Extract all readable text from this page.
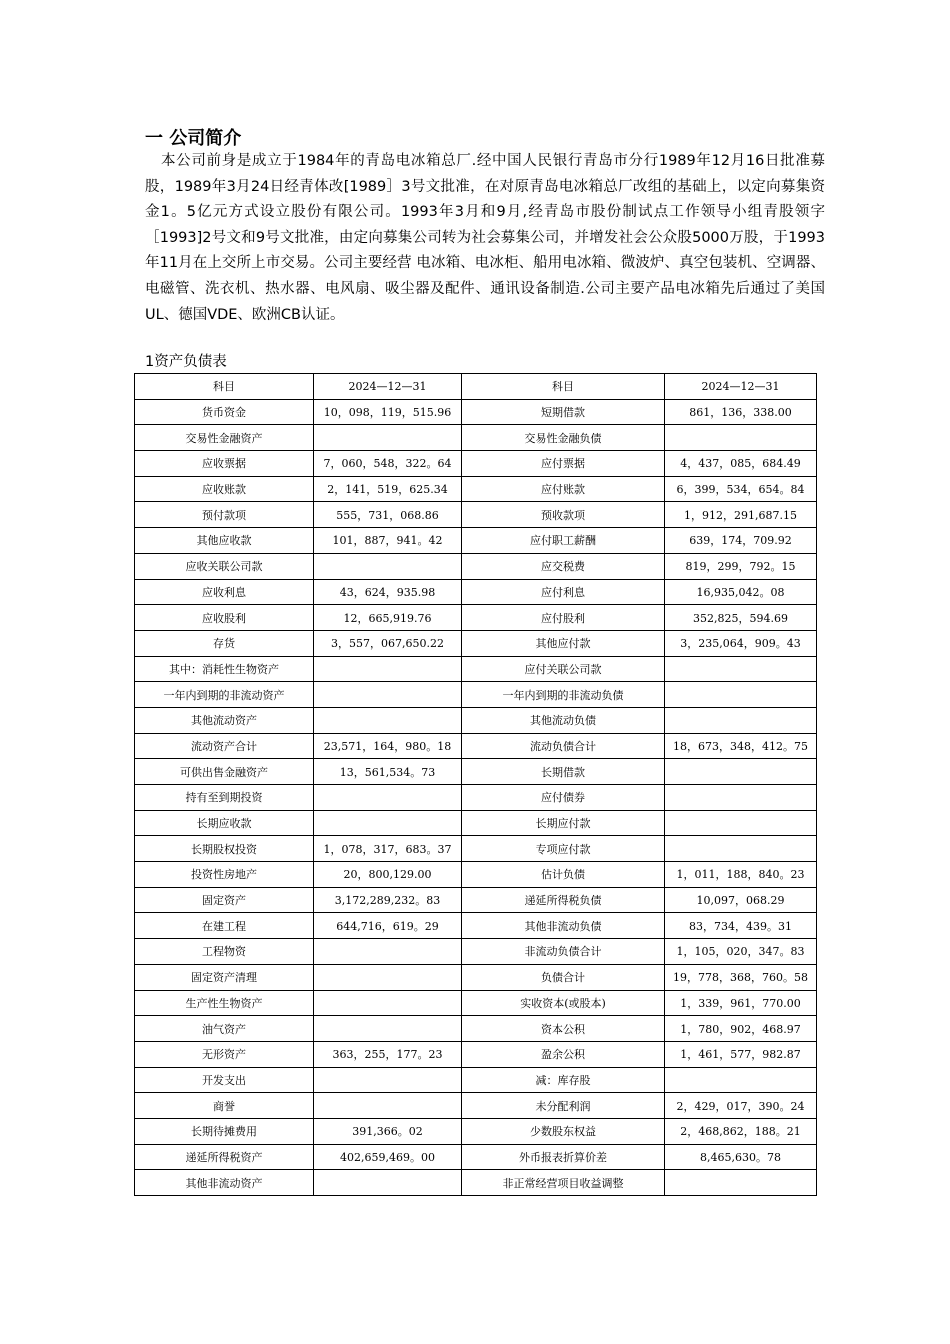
一 公司简介
本公司前身是成立于1984年的青岛电冰箱总厂.经中国人民银行青岛市分行1989年12月16日批准募股，1989年3月24日经青体改[1989］3号文批准，在对原青岛电冰箱总厂改组的基础上，以定向募集资金1。5亿元方式设立股份有限公司。1993年3月和9月,经青岛市股份制试点工作领导小组青股领字［1993]2号文和9号文批准，由定向募集公司转为社会募集公司，并增发社会公众股5000万股，于1993年11月在上交所上市交易。公司主要经营 电冰箱、电冰柜、船用电冰箱、微波炉、真空包装机、空调器、电磁管、洗衣机、热水器、电风扇、吸尘器及配件、通讯设备制造.公司主要产品电冰箱先后通过了美国UL、德国VDE、欧洲CB认证。
1资产负债表
科目	2024—12—31	科目	2024—12—31
货币资金	10，098，119，515.96	短期借款	861，136，338.00
交易性金融资产		交易性金融负债	
应收票据	7，060，548，322。64	应付票据	4，437，085，684.49
应收账款	2，141，519，625.34	应付账款	6，399，534，654。84
预付款项	555，731，068.86	预收款项	1，912，291,687.15
其他应收款	101，887，941。42	应付职工薪酬	639，174，709.92
应收关联公司款		应交税费	819，299，792。15
应收利息	43，624，935.98	应付利息	16,935,042。08
应收股利	12，665,919.76	应付股利	352,825，594.69
存货	3，557，067,650.22	其他应付款	3，235,064，909。43
其中：消耗性生物资产		应付关联公司款	
一年内到期的非流动资产		一年内到期的非流动负债	
其他流动资产		其他流动负债	
流动资产合计	23,571，164，980。18	流动负债合计	18，673，348，412。75
可供出售金融资产	13，561,534。73	长期借款	
持有至到期投资		应付债券	
长期应收款		长期应付款	
长期股权投资	1，078，317，683。37	专项应付款	
投资性房地产	20，800,129.00	估计负债	1，011，188，840。23
固定资产	3,172,289,232。83	递延所得税负债	10,097，068.29
在建工程	644,716，619。29	其他非流动负债	83，734，439。31
工程物资		非流动负债合计	1，105，020，347。83
固定资产清理		负债合计	19，778，368，760。58
生产性生物资产		实收资本(或股本)	1，339，961，770.00
油气资产		资本公积	1，780，902，468.97
无形资产	363，255，177。23	盈余公积	1，461，577，982.87
开发支出		减：库存股	
商誉		未分配利润	2，429，017，390。24
长期待摊费用	391,366。02	少数股东权益	2，468,862，188。21
递延所得税资产	402,659,469。00	外币报表折算价差	8,465,630。78
其他非流动资产		非正常经营项目收益调整	
